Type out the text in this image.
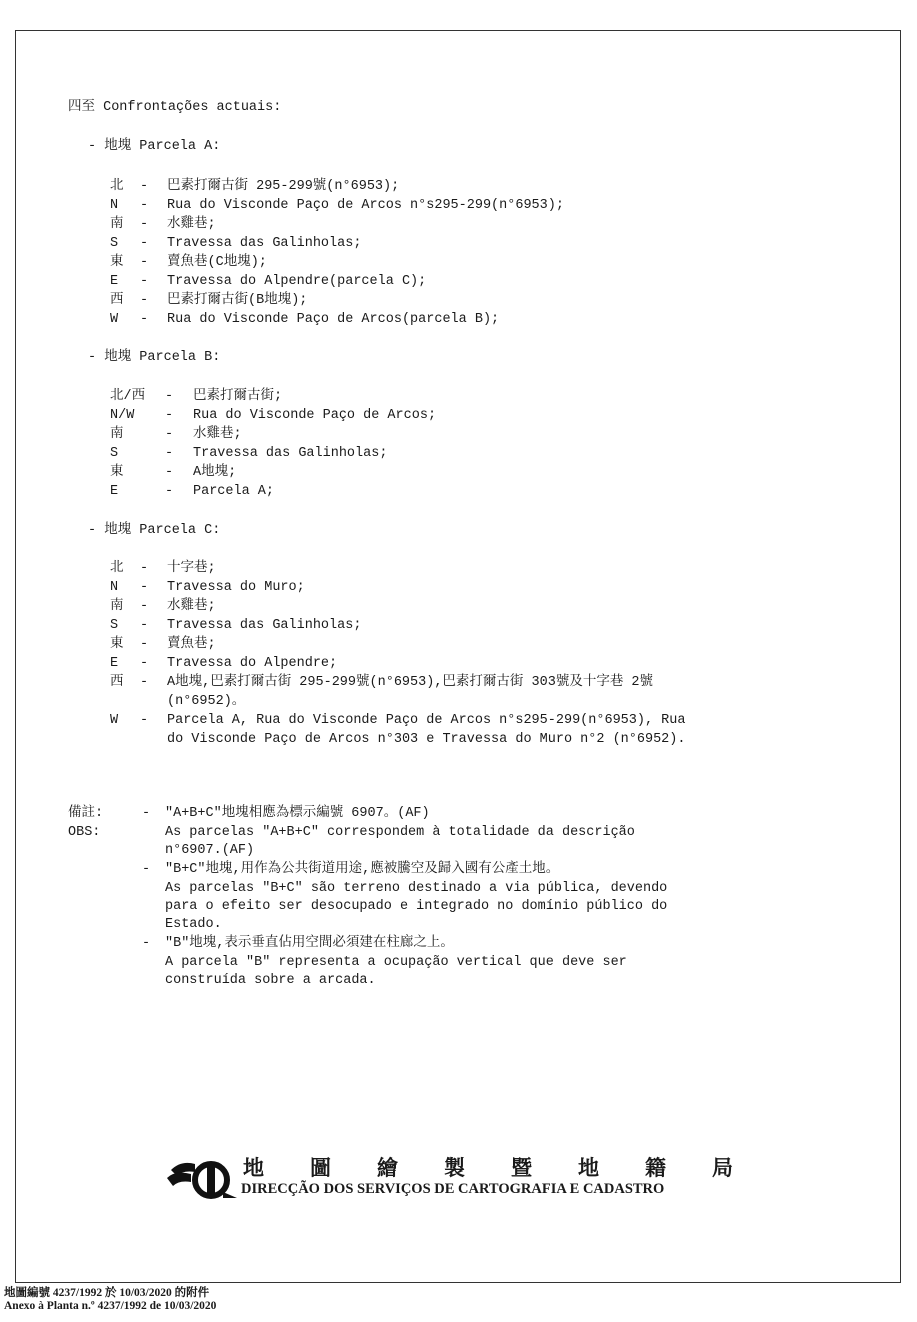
四至 Confrontações actuais:
- 地塊 Parcela A:
北 - 巴素打爾古街 295-299號(n°6953);
N - Rua do Visconde Paço de Arcos n°s295-299(n°6953);
南 - 水雞巷;
S - Travessa das Galinholas;
東 - 賣魚巷(C地塊);
E - Travessa do Alpendre(parcela C);
西 - 巴素打爾古街(B地塊);
W - Rua do Visconde Paço de Arcos(parcela B);
- 地塊 Parcela B:
北/西 - 巴素打爾古街;
N/W - Rua do Visconde Paço de Arcos;
南	- 水雞巷;
S	- Travessa das Galinholas;
東	- A地塊;
E	- Parcela A;
- 地塊 Parcela C:
北 - 十字巷;
N - Travessa do Muro;
南 - 水雞巷;
S - Travessa das Galinholas;
東 - 賣魚巷;
E - Travessa do Alpendre;
西 - A地塊,巴素打爾古街 295-299號(n°6953),巴素打爾古街 303號及十字巷 2號
(n°6952)。
W - Parcela A, Rua do Visconde Paço de Arcos n°s295-299(n°6953), Rua
do Visconde Paço de Arcos n°303 e Travessa do Muro n°2 (n°6952).
備註:
OBS:
- "A+B+C"地塊相應為標示編號 6907。(AF)
As parcelas "A+B+C" correspondem à totalidade da descrição
n°6907.(AF)
- "B+C"地塊,用作為公共街道用途,應被騰空及歸入國有公產土地。
As parcelas "B+C" são terreno destinado a via pública, devendo
para o efeito ser desocupado e integrado no domínio público do
Estado.
- "B"地塊,表示垂直佔用空間必須建在柱廊之上。
A parcela "B" representa a ocupação vertical que deve ser
construída sobre a arcada.
地 圖 繪 製 暨 地 籍 局
DIRECÇÃO DOS SERVIÇOS DE CARTOGRAFIA E CADASTRO
地圖編號 4237/1992 於 10/03/2020 的附件
Anexo à Planta n.º 4237/1992 de 10/03/2020
